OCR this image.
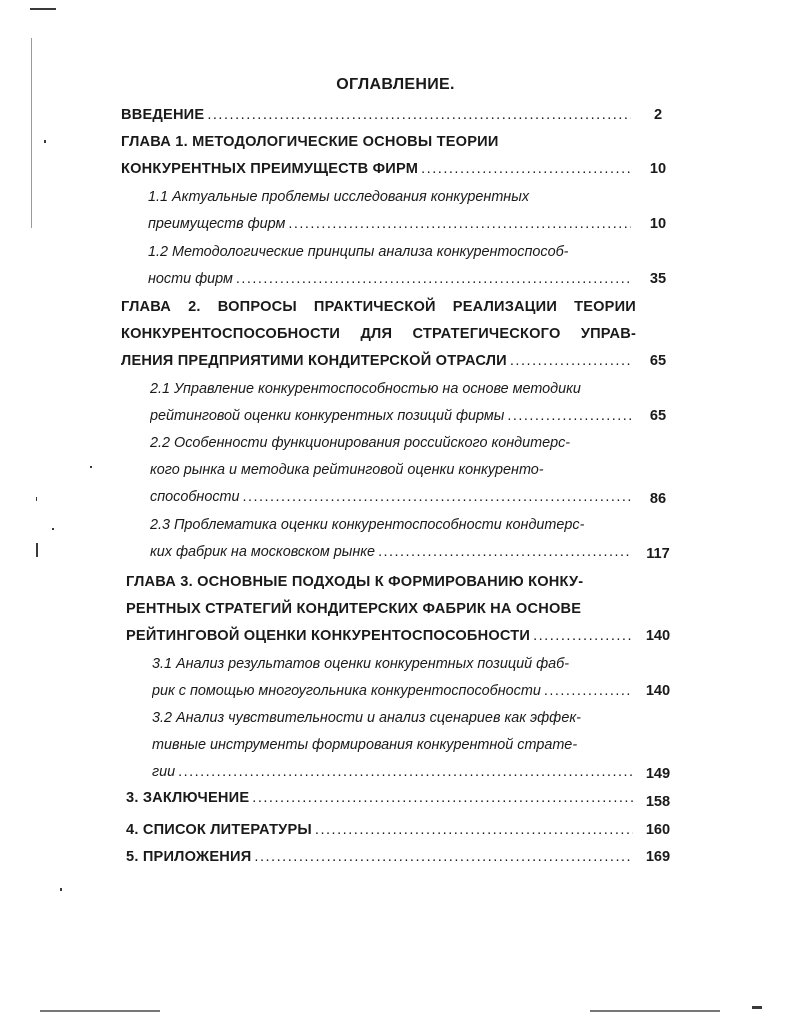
ОГЛАВЛЕНИЕ.
ВВЕДЕНИЕ .....	2
ГЛАВА 1. МЕТОДОЛОГИЧЕСКИЕ ОСНОВЫ ТЕОРИИ
КОНКУРЕНТНЫХ ПРЕИМУЩЕСТВ ФИРМ .....	10
1.1 Актуальные проблемы исследования конкурентных
преимуществ фирм .....	10
1.2 Методологические принципы анализа конкурентоспособ-
ности фирм .....	35
ГЛАВА 2. ВОПРОСЫ ПРАКТИЧЕСКОЙ РЕАЛИЗАЦИИ ТЕОРИИ
КОНКУРЕНТОСПОСОБНОСТИ ДЛЯ СТРАТЕГИЧЕСКОГО УПРАВ-
ЛЕНИЯ ПРЕДПРИЯТИМИ КОНДИТЕРСКОЙ ОТРАСЛИ .....	65
2.1 Управление конкурентоспособностью на основе методики
рейтинговой оценки конкурентных позиций фирмы .....	65
2.2 Особенности функционирования российского кондитерс-
кого рынка и методика рейтинговой оценки конкуренто-
способности .....	86
2.3 Проблематика оценки конкурентоспособности кондитерс-
ких фабрик на московском рынке .....	117
ГЛАВА 3. ОСНОВНЫЕ ПОДХОДЫ К ФОРМИРОВАНИЮ КОНКУ-
РЕНТНЫХ СТРАТЕГИЙ КОНДИТЕРСКИХ ФАБРИК НА ОСНОВЕ
РЕЙТИНГОВОЙ ОЦЕНКИ КОНКУРЕНТОСПОСОБНОСТИ .....	140
3.1 Анализ результатов оценки конкурентных позиций фаб-
рик с помощью многоугольника конкурентоспособности .....	140
3.2 Анализ чувствительности и анализ сценариев как эффек-
тивные инструменты формирования конкурентной страте-
гии .....	149
3. ЗАКЛЮЧЕНИЕ .....	158
4. СПИСОК ЛИТЕРАТУРЫ .....	160
5. ПРИЛОЖЕНИЯ .....	169
